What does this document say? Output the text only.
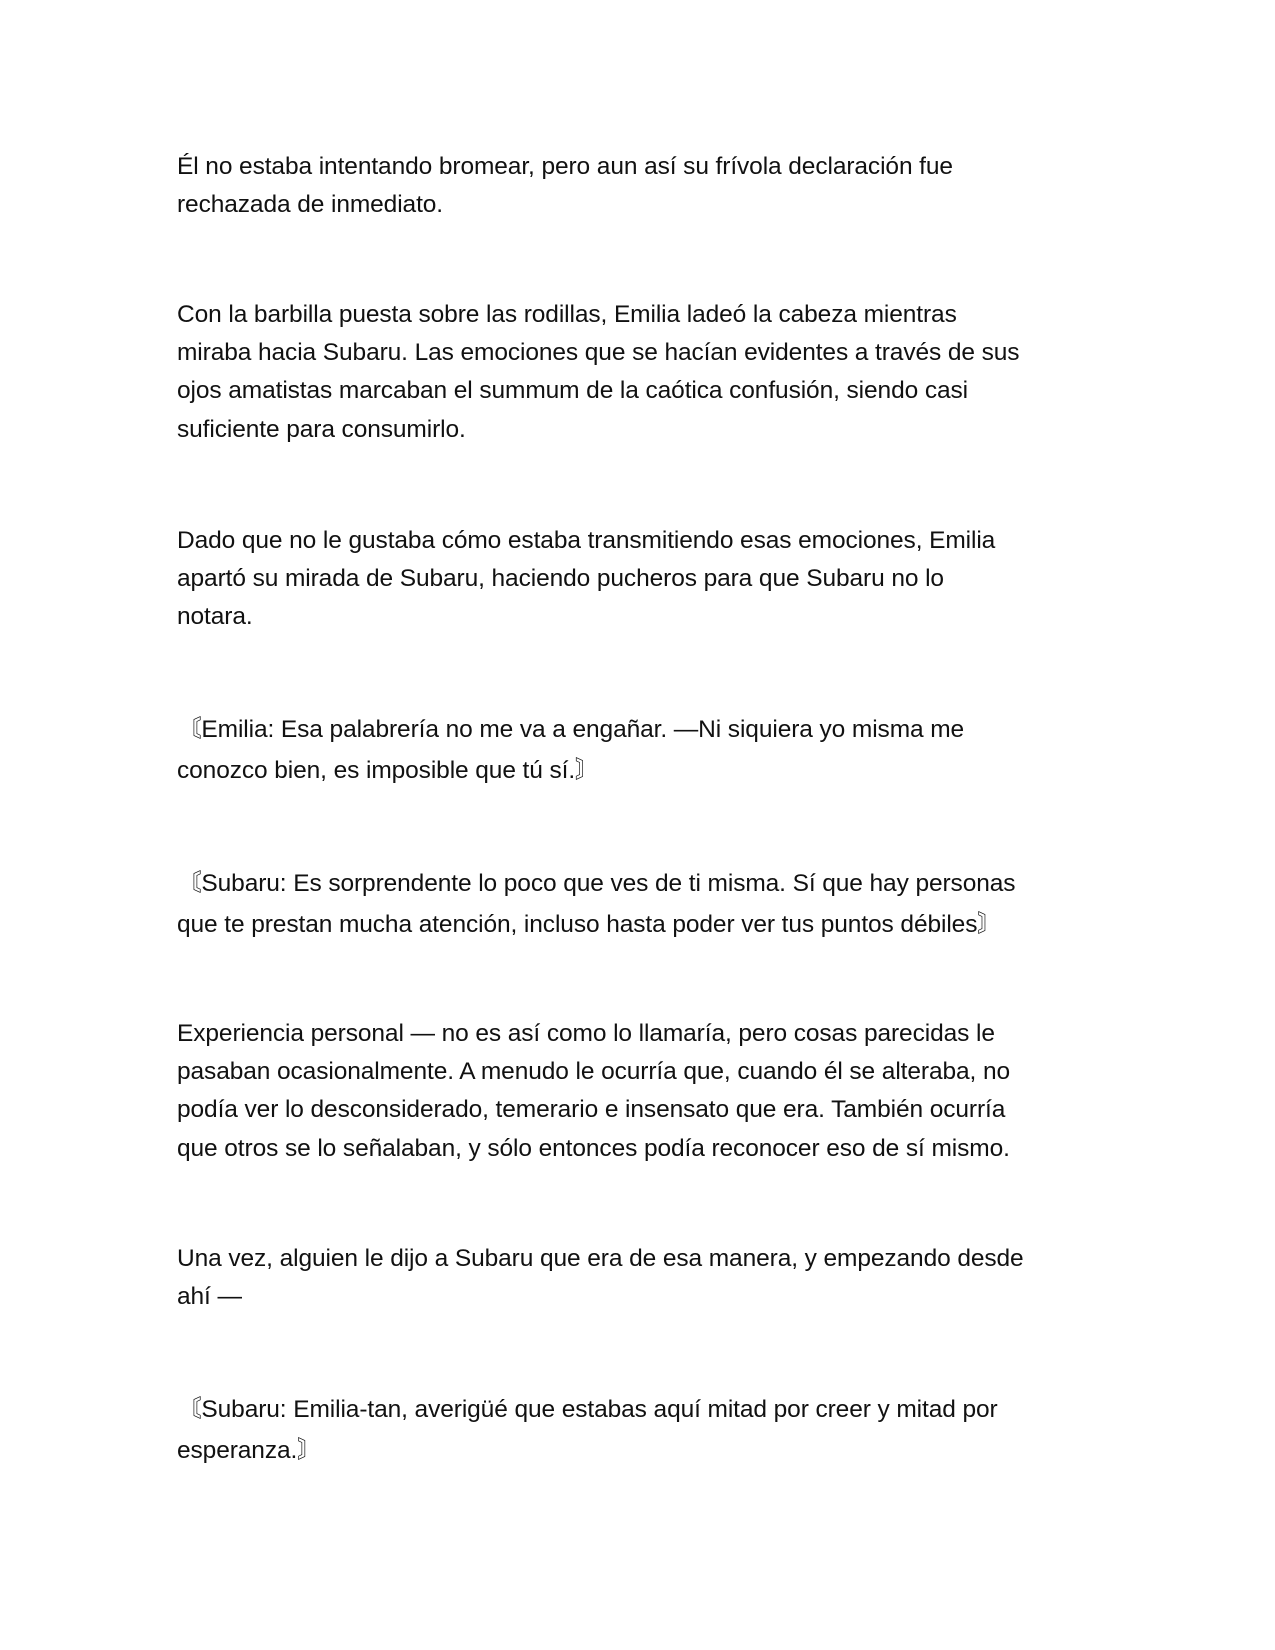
Él no estaba intentando bromear, pero aun así su frívola declaración fue
rechazada de inmediato.

Con la barbilla puesta sobre las rodillas, Emilia ladeó la cabeza mientras
miraba hacia Subaru. Las emociones que se hacían evidentes a través de sus
ojos amatistas marcaban el summum de la caótica confusión, siendo casi
suficiente para consumirlo.

Dado que no le gustaba cómo estaba transmitiendo esas emociones, Emilia
apartó su mirada de Subaru, haciendo pucheros para que Subaru no lo
notara.

〘Emilia: Esa palabrería no me va a engañar. —Ni siquiera yo misma me
conozco bien, es imposible que tú sí.〙

〘Subaru: Es sorprendente lo poco que ves de ti misma. Sí que hay personas
que te prestan mucha atención, incluso hasta poder ver tus puntos débiles〙

Experiencia personal — no es así como lo llamaría, pero cosas parecidas le
pasaban ocasionalmente. A menudo le ocurría que, cuando él se alteraba, no
podía ver lo desconsiderado, temerario e insensato que era. También ocurría
que otros se lo señalaban, y sólo entonces podía reconocer eso de sí mismo.

Una vez, alguien le dijo a Subaru que era de esa manera, y empezando desde
ahí —

〘Subaru: Emilia-tan, averigüé que estabas aquí mitad por creer y mitad por
esperanza.〙
